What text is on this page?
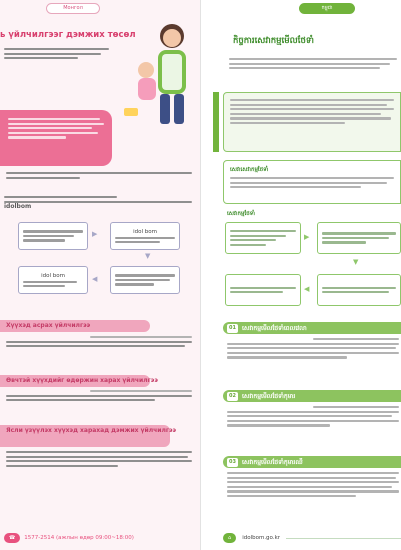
Монгол
ь үйлчилгээг дэмжих төсөл
idolbom
▶	idol bom
▼
idol bom	◀
Хүүхэд асрах үйлчилгээ
Өвчтэй хүүхдийг өдөржин харах үйлчилгээ
Ясли үзүүлэх хүүхэд харахад дэмжих үйлчилгээ
☎	1577-2514 (ажлын өдөр 09:00~18:00)
កម្ពុជា
កិច្ចការសេវាកម្មមើលថែទាំ
សេវាសេវាកម្មថែទាំ
សេវាកម្មថែទាំ
▶
▼
◀
01	សេវាកម្មមើលថែទាំពេលវេលា
02	សេវាកម្មមើលថែទាំកុមារ
03	សេវាកម្មមើលថែទាំកុមារឈឺ
⌂	idolbom.go.kr
